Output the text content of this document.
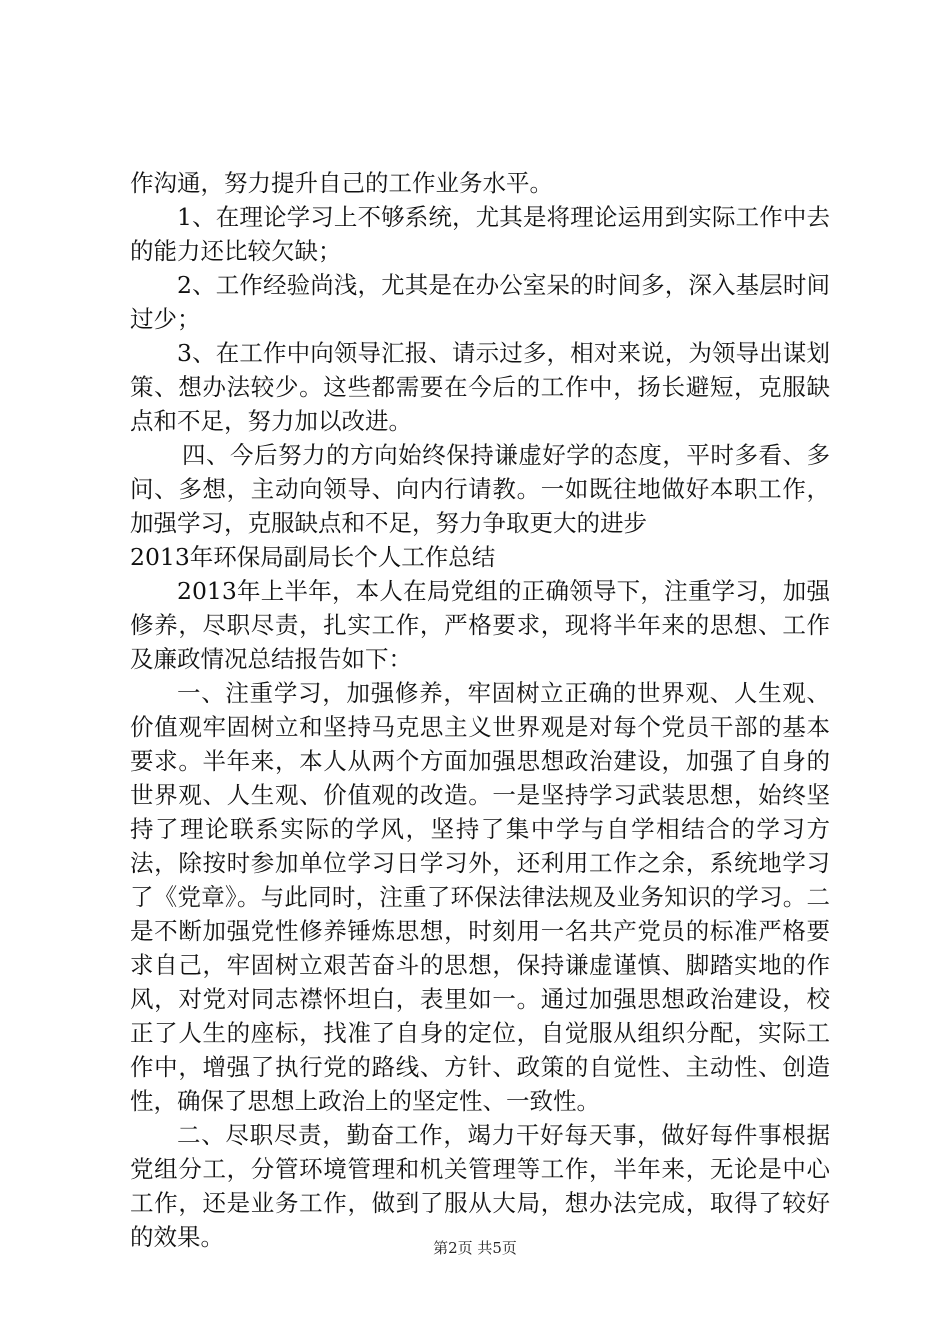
作沟通，努力提升自己的工作业务水平。

1、在理论学习上不够系统，尤其是将理论运用到实际工作中去的能力还比较欠缺；

2、工作经验尚浅，尤其是在办公室呆的时间多，深入基层时间过少；

3、在工作中向领导汇报、请示过多，相对来说，为领导出谋划策、想办法较少。这些都需要在今后的工作中，扬长避短，克服缺点和不足，努力加以改进。

四、今后努力的方向始终保持谦虚好学的态度，平时多看、多问、多想，主动向领导、向内行请教。一如既往地做好本职工作，加强学习，克服缺点和不足，努力争取更大的进步

2013年环保局副局长个人工作总结

2013年上半年，本人在局党组的正确领导下，注重学习，加强修养，尽职尽责，扎实工作，严格要求，现将半年来的思想、工作及廉政情况总结报告如下：

一、注重学习，加强修养，牢固树立正确的世界观、人生观、价值观牢固树立和坚持马克思主义世界观是对每个党员干部的基本要求。半年来，本人从两个方面加强思想政治建设，加强了自身的世界观、人生观、价值观的改造。一是坚持学习武装思想，始终坚持了理论联系实际的学风，坚持了集中学与自学相结合的学习方法，除按时参加单位学习日学习外，还利用工作之余，系统地学习了《党章》。与此同时，注重了环保法律法规及业务知识的学习。二是不断加强党性修养锤炼思想，时刻用一名共产党员的标准严格要求自己，牢固树立艰苦奋斗的思想，保持谦虚谨慎、脚踏实地的作风，对党对同志襟怀坦白，表里如一。通过加强思想政治建设，校正了人生的座标，找准了自身的定位，自觉服从组织分配，实际工作中，增强了执行党的路线、方针、政策的自觉性、主动性、创造性，确保了思想上政治上的坚定性、一致性。

二、尽职尽责，勤奋工作，竭力干好每天事，做好每件事根据党组分工，分管环境管理和机关管理等工作，半年来，无论是中心工作，还是业务工作，做到了服从大局，想办法完成，取得了较好的效果。	第2页 共5页
